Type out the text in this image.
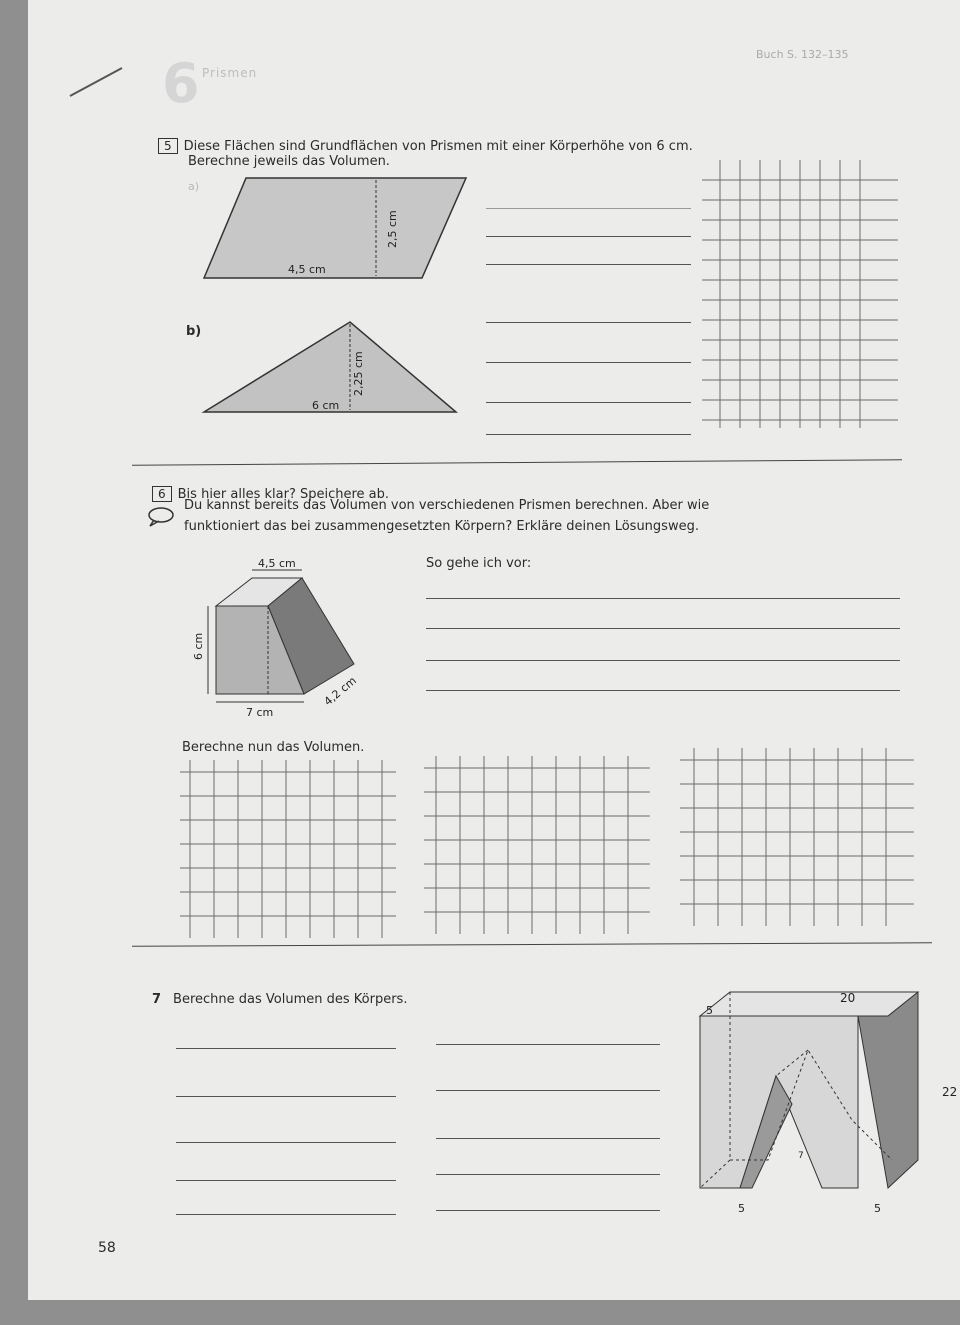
Buch S. 132–135
6 Prismen
5 Diese Flächen sind Grundflächen von Prismen mit einer Körperhöhe von 6 cm.
Berechne jeweils das Volumen.
a)
4,5 cm
2,5 cm
b)
6 cm
2,25 cm
6 Bis hier alles klar? Speichere ab.
Du kannst bereits das Volumen von verschiedenen Prismen berechnen. Aber wie funktioniert das bei zusammengesetzten Körpern? Erkläre deinen Lösungsweg.
4,5 cm
6 cm
7 cm
4,2 cm
So gehe ich vor:
Berechne nun das Volumen.
7 Berechne das Volumen des Körpers.
5
20
22
7
5	5
58
